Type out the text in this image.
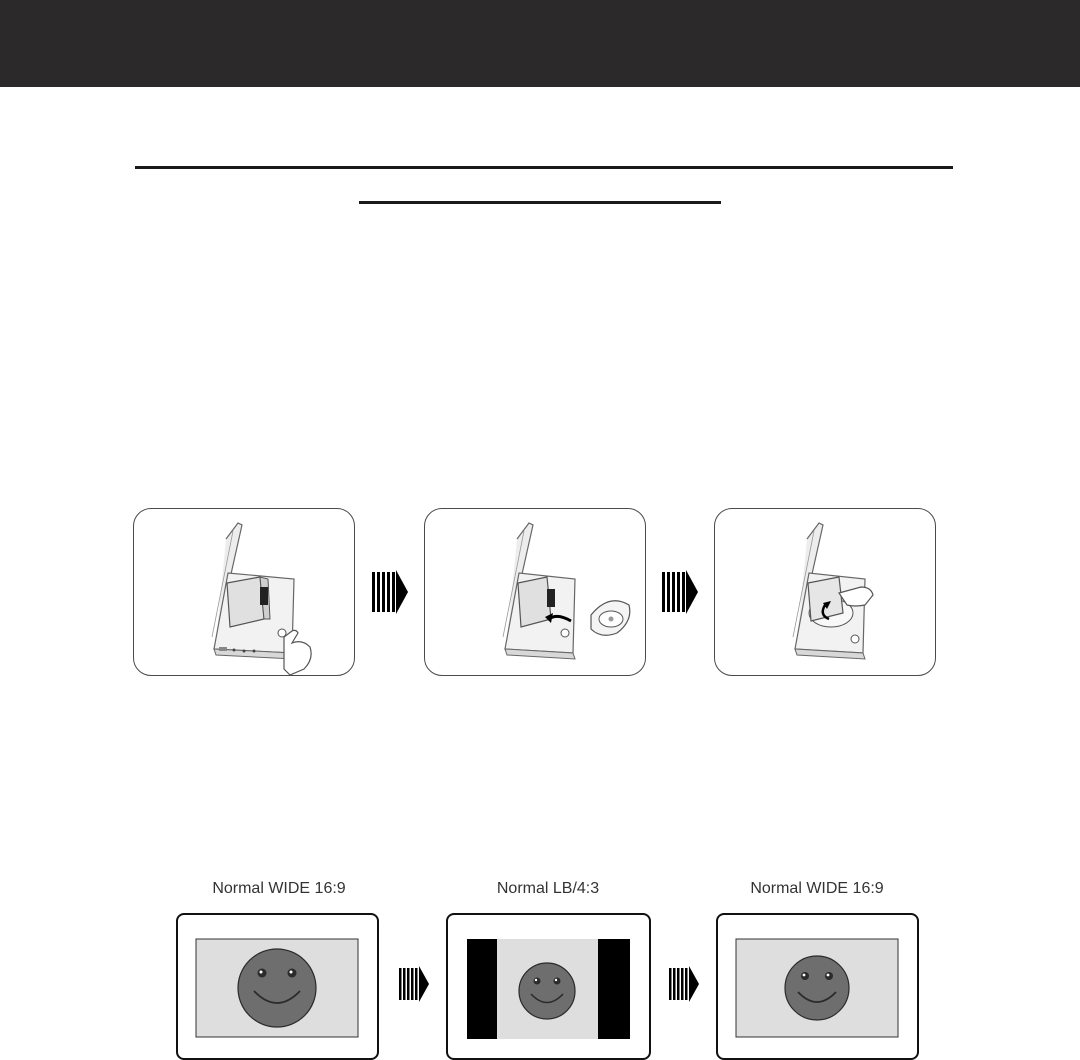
Normal WIDE 16:9	Normal LB/4:3	Normal WIDE 16:9
